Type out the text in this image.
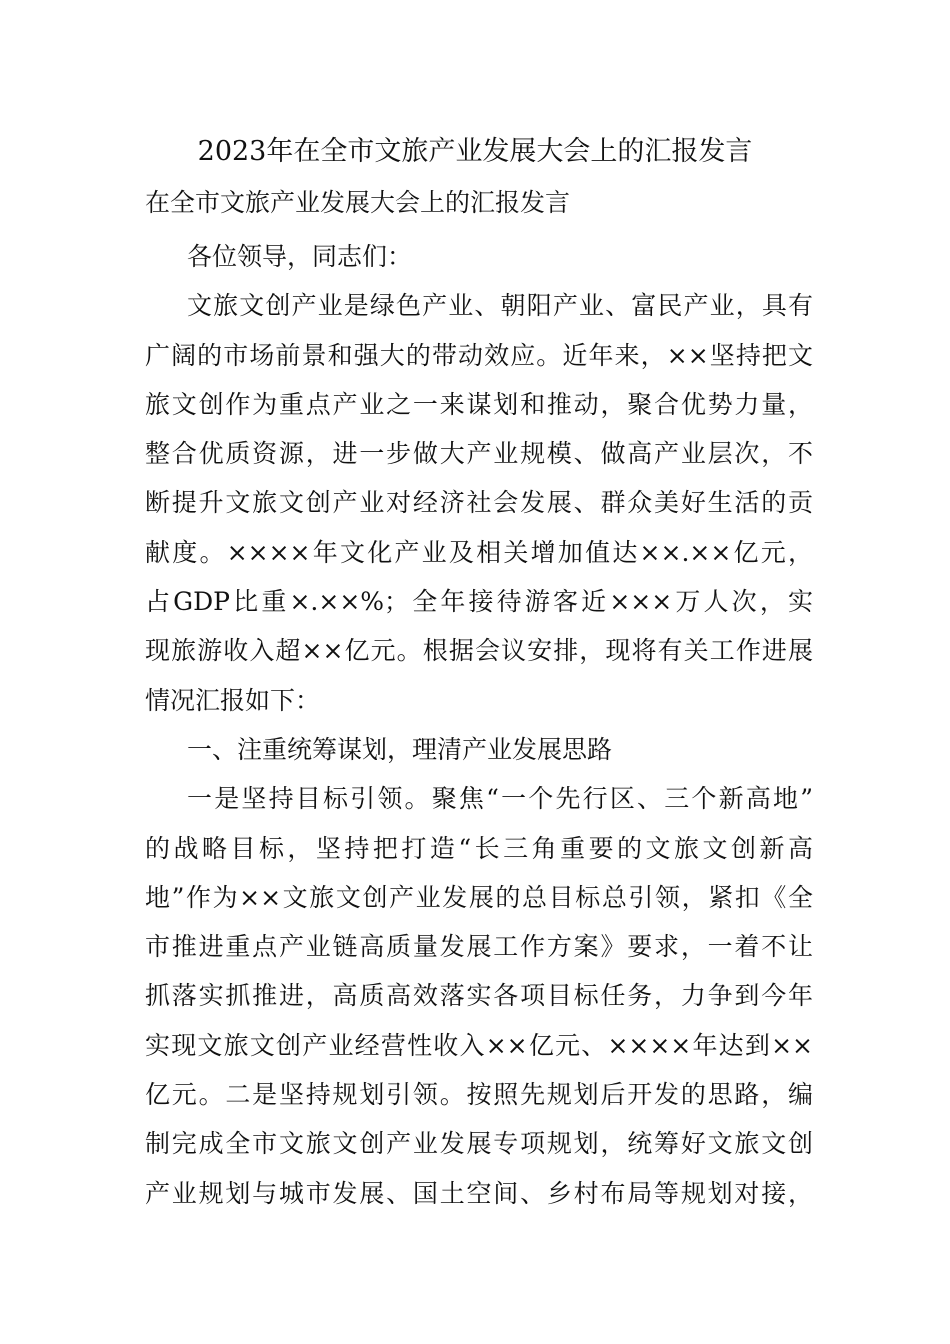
2023年在全市文旅产业发展大会上的汇报发言
在全市文旅产业发展大会上的汇报发言
各位领导，同志们：
文旅文创产业是绿色产业、朝阳产业、富民产业，具有
广阔的市场前景和强大的带动效应。近年来，××坚持把文
旅文创作为重点产业之一来谋划和推动，聚合优势力量，
整合优质资源，进一步做大产业规模、做高产业层次，不
断提升文旅文创产业对经济社会发展、群众美好生活的贡
献度。××××年文化产业及相关增加值达××.××亿元，
占GDP比重×.××%；全年接待游客近×××万人次，实
现旅游收入超××亿元。根据会议安排，现将有关工作进展
情况汇报如下：
一、注重统筹谋划，理清产业发展思路
一是坚持目标引领。聚焦“一个先行区、三个新高地”
的战略目标，坚持把打造“长三角重要的文旅文创新高
地”作为××文旅文创产业发展的总目标总引领，紧扣《全
市推进重点产业链高质量发展工作方案》要求，一着不让
抓落实抓推进，高质高效落实各项目标任务，力争到今年
实现文旅文创产业经营性收入××亿元、××××年达到××
亿元。二是坚持规划引领。按照先规划后开发的思路，编
制完成全市文旅文创产业发展专项规划，统筹好文旅文创
产业规划与城市发展、国土空间、乡村布局等规划对接，
